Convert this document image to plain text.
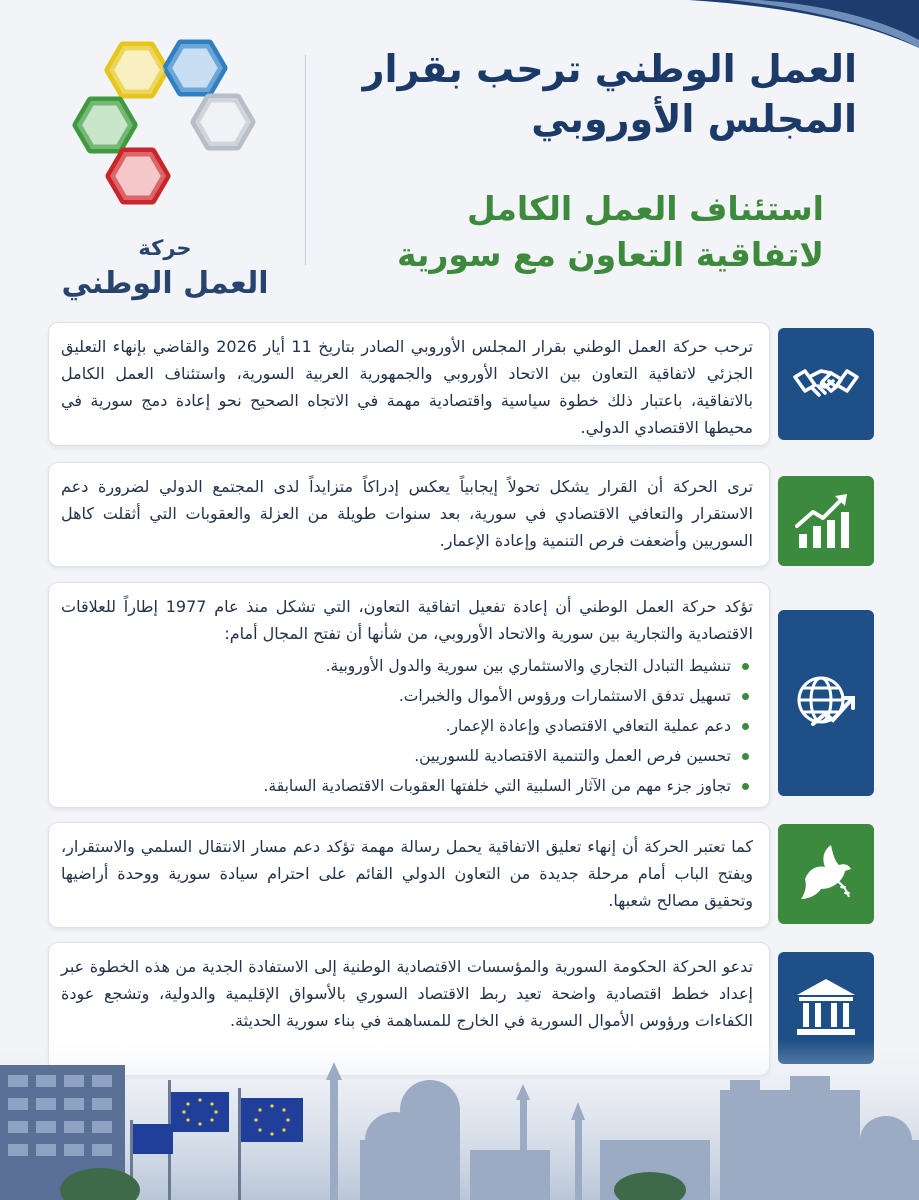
حركة
العمل الوطني
العمل الوطني ترحب بقرار المجلس الأوروبي
استئناف العمل الكامل لاتفاقية التعاون مع سورية

ترحب حركة العمل الوطني بقرار المجلس الأوروبي الصادر بتاريخ 11 أيار 2026 والقاضي بإنهاء التعليق الجزئي لاتفاقية التعاون بين الاتحاد الأوروبي والجمهورية العربية السورية، واستئناف العمل الكامل بالاتفاقية، باعتبار ذلك خطوة سياسية واقتصادية مهمة في الاتجاه الصحيح نحو إعادة دمج سورية في محيطها الاقتصادي الدولي.

ترى الحركة أن القرار يشكل تحولاً إيجابياً يعكس إدراكاً متزايداً لدى المجتمع الدولي لضرورة دعم الاستقرار والتعافي الاقتصادي في سورية، بعد سنوات طويلة من العزلة والعقوبات التي أثقلت كاهل السوريين وأضعفت فرص التنمية وإعادة الإعمار.

تؤكد حركة العمل الوطني أن إعادة تفعيل اتفاقية التعاون، التي تشكل منذ عام 1977 إطاراً للعلاقات الاقتصادية والتجارية بين سورية والاتحاد الأوروبي، من شأنها أن تفتح المجال أمام:

تنشيط التبادل التجاري والاستثماري بين سورية والدول الأوروبية.
تسهيل تدفق الاستثمارات ورؤوس الأموال والخبرات.
دعم عملية التعافي الاقتصادي وإعادة الإعمار.
تحسين فرص العمل والتنمية الاقتصادية للسوريين.
تجاوز جزء مهم من الآثار السلبية التي خلفتها العقوبات الاقتصادية السابقة.

كما تعتبر الحركة أن إنهاء تعليق الاتفاقية يحمل رسالة مهمة تؤكد دعم مسار الانتقال السلمي والاستقرار، ويفتح الباب أمام مرحلة جديدة من التعاون الدولي القائم على احترام سيادة سورية ووحدة أراضيها وتحقيق مصالح شعبها.

تدعو الحركة الحكومة السورية والمؤسسات الاقتصادية الوطنية إلى الاستفادة الجدية من هذه الخطوة عبر إعداد خطط اقتصادية واضحة تعيد ربط الاقتصاد السوري بالأسواق الإقليمية والدولية، وتشجع عودة الكفاءات ورؤوس الأموال السورية في الخارج للمساهمة في بناء سورية الحديثة.
